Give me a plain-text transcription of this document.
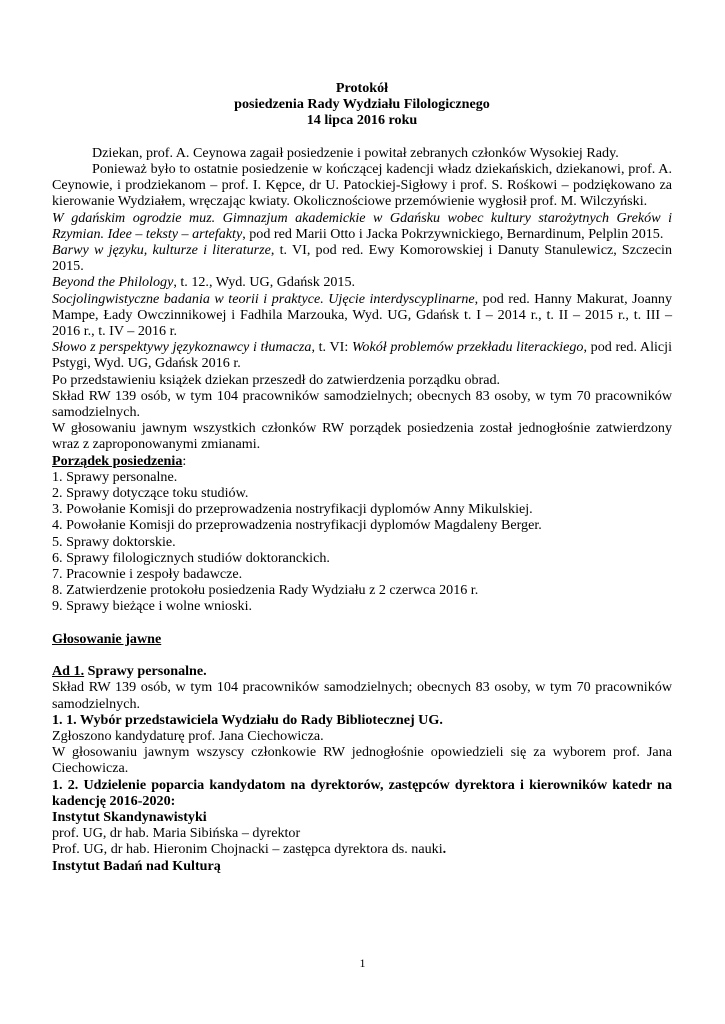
Protokół
posiedzenia Rady Wydziału Filologicznego
14 lipca 2016 roku
Dziekan, prof. A. Ceynowa zagaił posiedzenie i powitał zebranych członków Wysokiej Rady.
Ponieważ było to ostatnie posiedzenie w kończącej kadencji władz dziekańskich, dziekanowi, prof. A. Ceynowie, i prodziekanom – prof. I. Kępce, dr U. Patockiej-Sigłowy i prof. S. Rośkowi – podziękowano za kierowanie Wydziałem, wręczając kwiaty. Okolicznościowe przemówienie wygłosił prof. M. Wilczyński.
W gdańskim ogrodzie muz. Gimnazjum akademickie w Gdańsku wobec kultury starożytnych Greków i Rzymian. Idee – teksty – artefakty, pod red Marii Otto i Jacka Pokrzywnickiego, Bernardinum, Pelplin 2015.
Barwy w języku, kulturze i literaturze, t. VI, pod red. Ewy Komorowskiej i Danuty Stanulewicz, Szczecin 2015.
Beyond the Philology, t. 12., Wyd. UG, Gdańsk 2015.
Socjolingwistyczne badania w teorii i praktyce. Ujęcie interdyscyplinarne, pod red. Hanny Makurat, Joanny Mampe, Łady Owczinnikowej i Fadhila Marzouka, Wyd. UG, Gdańsk t. I – 2014 r., t. II – 2015 r., t. III – 2016 r., t. IV – 2016 r.
Słowo z perspektywy językoznawcy i tłumacza, t. VI: Wokół problemów przekładu literackiego, pod red. Alicji Pstygi, Wyd. UG, Gdańsk 2016 r.
Po przedstawieniu książek dziekan przeszedł do zatwierdzenia porządku obrad.
Skład RW 139 osób, w tym 104 pracowników samodzielnych; obecnych 83 osoby, w tym 70 pracowników samodzielnych.
W głosowaniu jawnym wszystkich członków RW porządek posiedzenia został jednogłośnie zatwierdzony wraz z zaproponowanymi zmianami.
Porządek posiedzenia:
1. Sprawy personalne.
2. Sprawy dotyczące toku studiów.
3. Powołanie Komisji do przeprowadzenia nostryfikacji dyplomów Anny Mikulskiej.
4. Powołanie Komisji do przeprowadzenia nostryfikacji dyplomów Magdaleny Berger.
5. Sprawy doktorskie.
6. Sprawy filologicznych studiów doktoranckich.
7. Pracownie i zespoły badawcze.
8. Zatwierdzenie protokołu posiedzenia Rady Wydziału z 2 czerwca 2016 r.
9. Sprawy bieżące i wolne wnioski.
Głosowanie jawne
Ad 1. Sprawy personalne.
Skład RW 139 osób, w tym 104 pracowników samodzielnych; obecnych 83 osoby, w tym 70 pracowników samodzielnych.
1. 1. Wybór przedstawiciela Wydziału do Rady Bibliotecznej UG.
Zgłoszono kandydaturę prof. Jana Ciechowicza.
W głosowaniu jawnym wszyscy członkowie RW jednogłośnie opowiedzieli się za wyborem prof. Jana Ciechowicza.
1. 2. Udzielenie poparcia kandydatom na dyrektorów, zastępców dyrektora i kierowników katedr na kadencję 2016-2020:
Instytut Skandynawistyki
prof. UG, dr hab. Maria Sibińska – dyrektor
Prof. UG, dr hab. Hieronim Chojnacki – zastępca dyrektora ds. nauki.
Instytut Badań nad Kulturą
1
